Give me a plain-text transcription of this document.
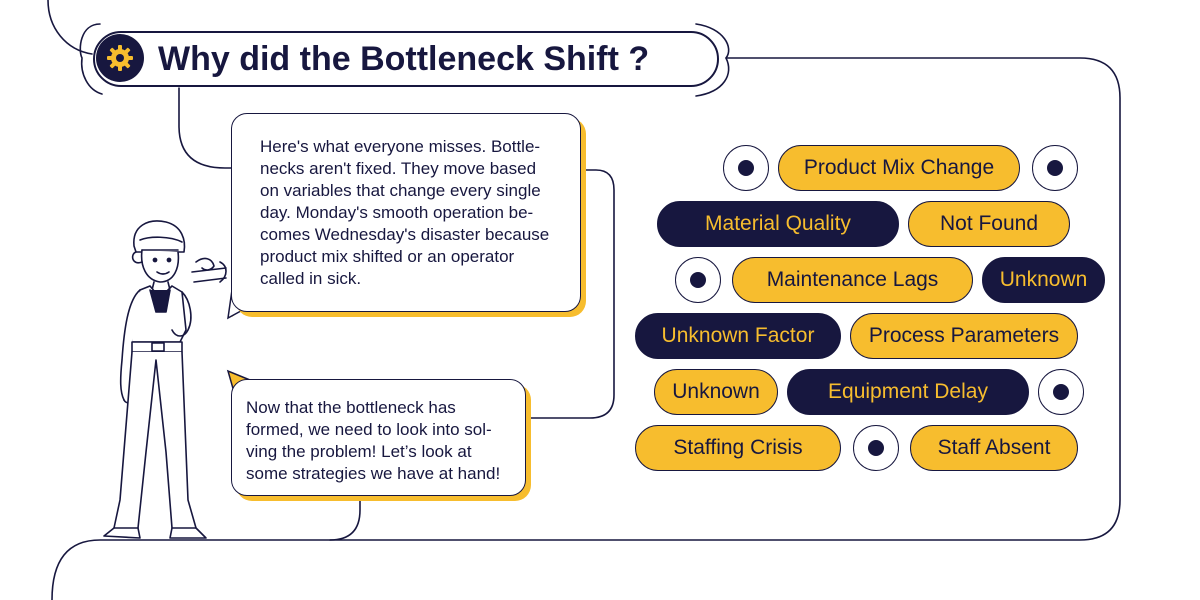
Why did the Bottleneck Shift ?

Here's what everyone misses. Bottle-
necks aren't fixed. They move based
on variables that change every single
day. Monday's smooth operation be-
comes Wednesday's disaster because
product mix shifted or an operator
called in sick.

Now that the bottleneck has
formed, we need to look into sol-
ving the problem! Let’s look at
some strategies we have at hand!

Product Mix Change
Material Quality	Not Found
Maintenance Lags	Unknown
Unknown Factor	Process Parameters
Unknown	Equipment Delay
Staffing Crisis	Staff Absent
